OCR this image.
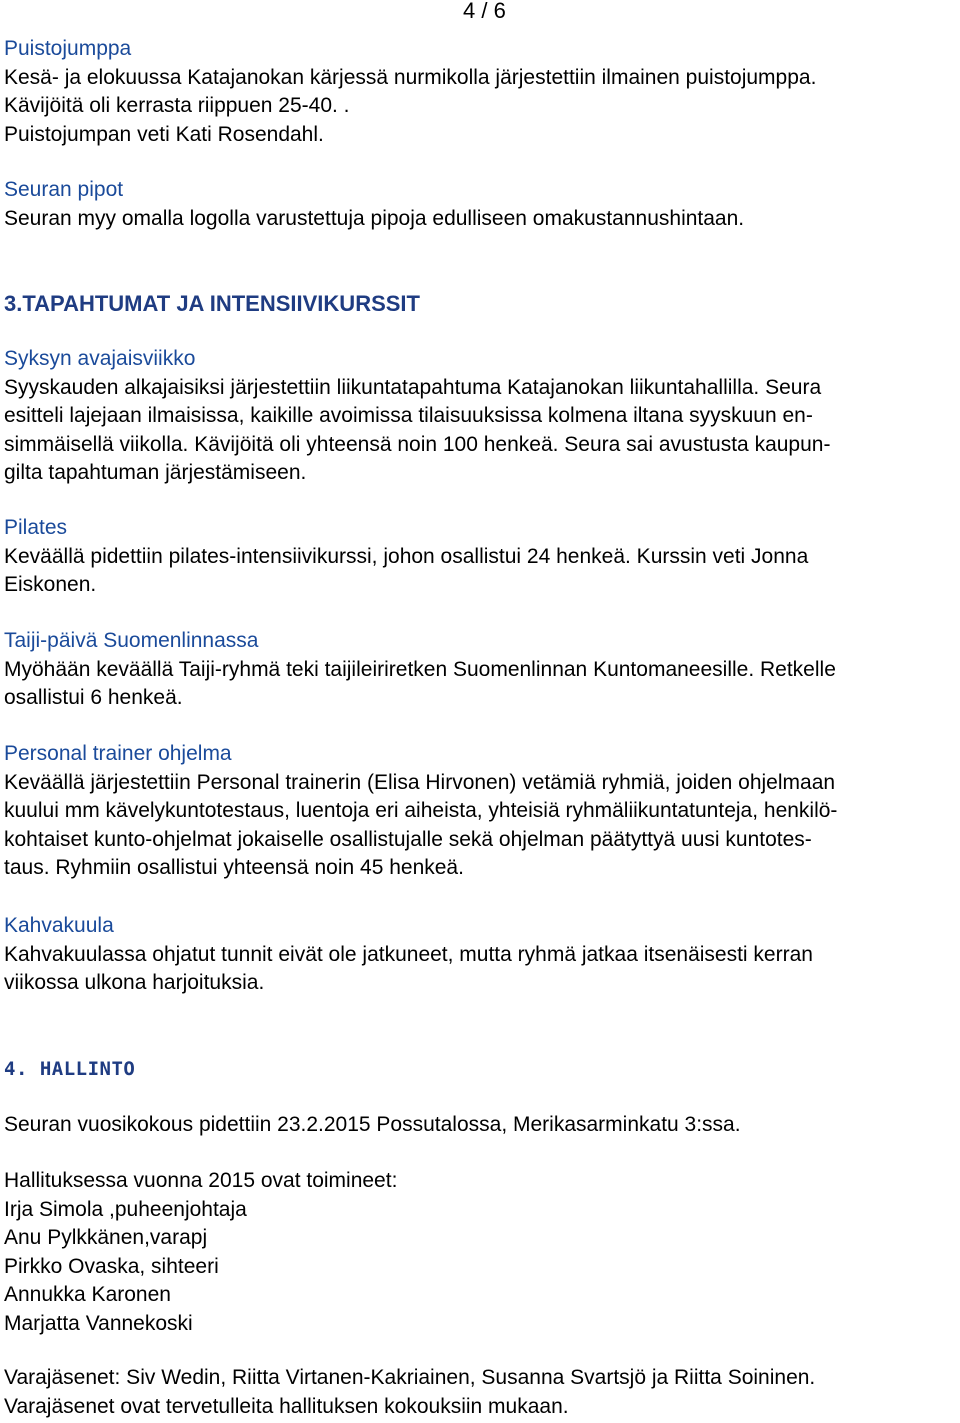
4 / 6

Puistojumppa

Kesä- ja elokuussa Katajanokan kärjessä nurmikolla järjestettiin ilmainen puistojumppa.

Kävijöitä oli kerrasta riippuen 25-40. .

Puistojumpan veti Kati Rosendahl.

Seuran pipot

Seuran myy omalla logolla varustettuja pipoja edulliseen omakustannushintaan.

3.TAPAHTUMAT JA INTENSIIVIKURSSIT

Syksyn avajaisviikko

Syyskauden alkajaisiksi järjestettiin liikuntatapahtuma Katajanokan liikuntahallilla. Seura

esitteli lajejaan ilmaisissa, kaikille avoimissa tilaisuuksissa kolmena iltana syyskuun en-

simmäisellä viikolla. Kävijöitä oli yhteensä noin 100 henkeä. Seura sai avustusta kaupun-

gilta tapahtuman järjestämiseen.

Pilates

Keväällä pidettiin pilates-intensiivikurssi, johon osallistui 24 henkeä. Kurssin veti Jonna

Eiskonen.

Taiji-päivä Suomenlinnassa

Myöhään keväällä Taiji-ryhmä teki taijileiriretken Suomenlinnan Kuntomaneesille. Retkelle

osallistui 6 henkeä.

Personal trainer ohjelma

Keväällä järjestettiin Personal trainerin (Elisa Hirvonen) vetämiä ryhmiä, joiden ohjelmaan

kuului mm kävelykuntotestaus, luentoja eri aiheista, yhteisiä ryhmäliikuntatunteja, henkilö-

kohtaiset kunto-ohjelmat jokaiselle osallistujalle sekä ohjelman päätyttyä uusi kuntotes-

taus. Ryhmiin osallistui yhteensä noin 45 henkeä.

Kahvakuula

Kahvakuulassa ohjatut tunnit eivät ole jatkuneet, mutta ryhmä jatkaa itsenäisesti kerran

viikossa ulkona harjoituksia.

4. HALLINTO

Seuran vuosikokous pidettiin 23.2.2015 Possutalossa, Merikasarminkatu 3:ssa.

Hallituksessa vuonna 2015 ovat toimineet:

Irja Simola ,puheenjohtaja

Anu Pylkkänen,varapj

Pirkko Ovaska, sihteeri

Annukka Karonen

Marjatta Vannekoski

Varajäsenet: Siv Wedin, Riitta Virtanen-Kakriainen, Susanna Svartsjö ja Riitta Soininen.

Varajäsenet ovat tervetulleita hallituksen kokouksiin mukaan.
